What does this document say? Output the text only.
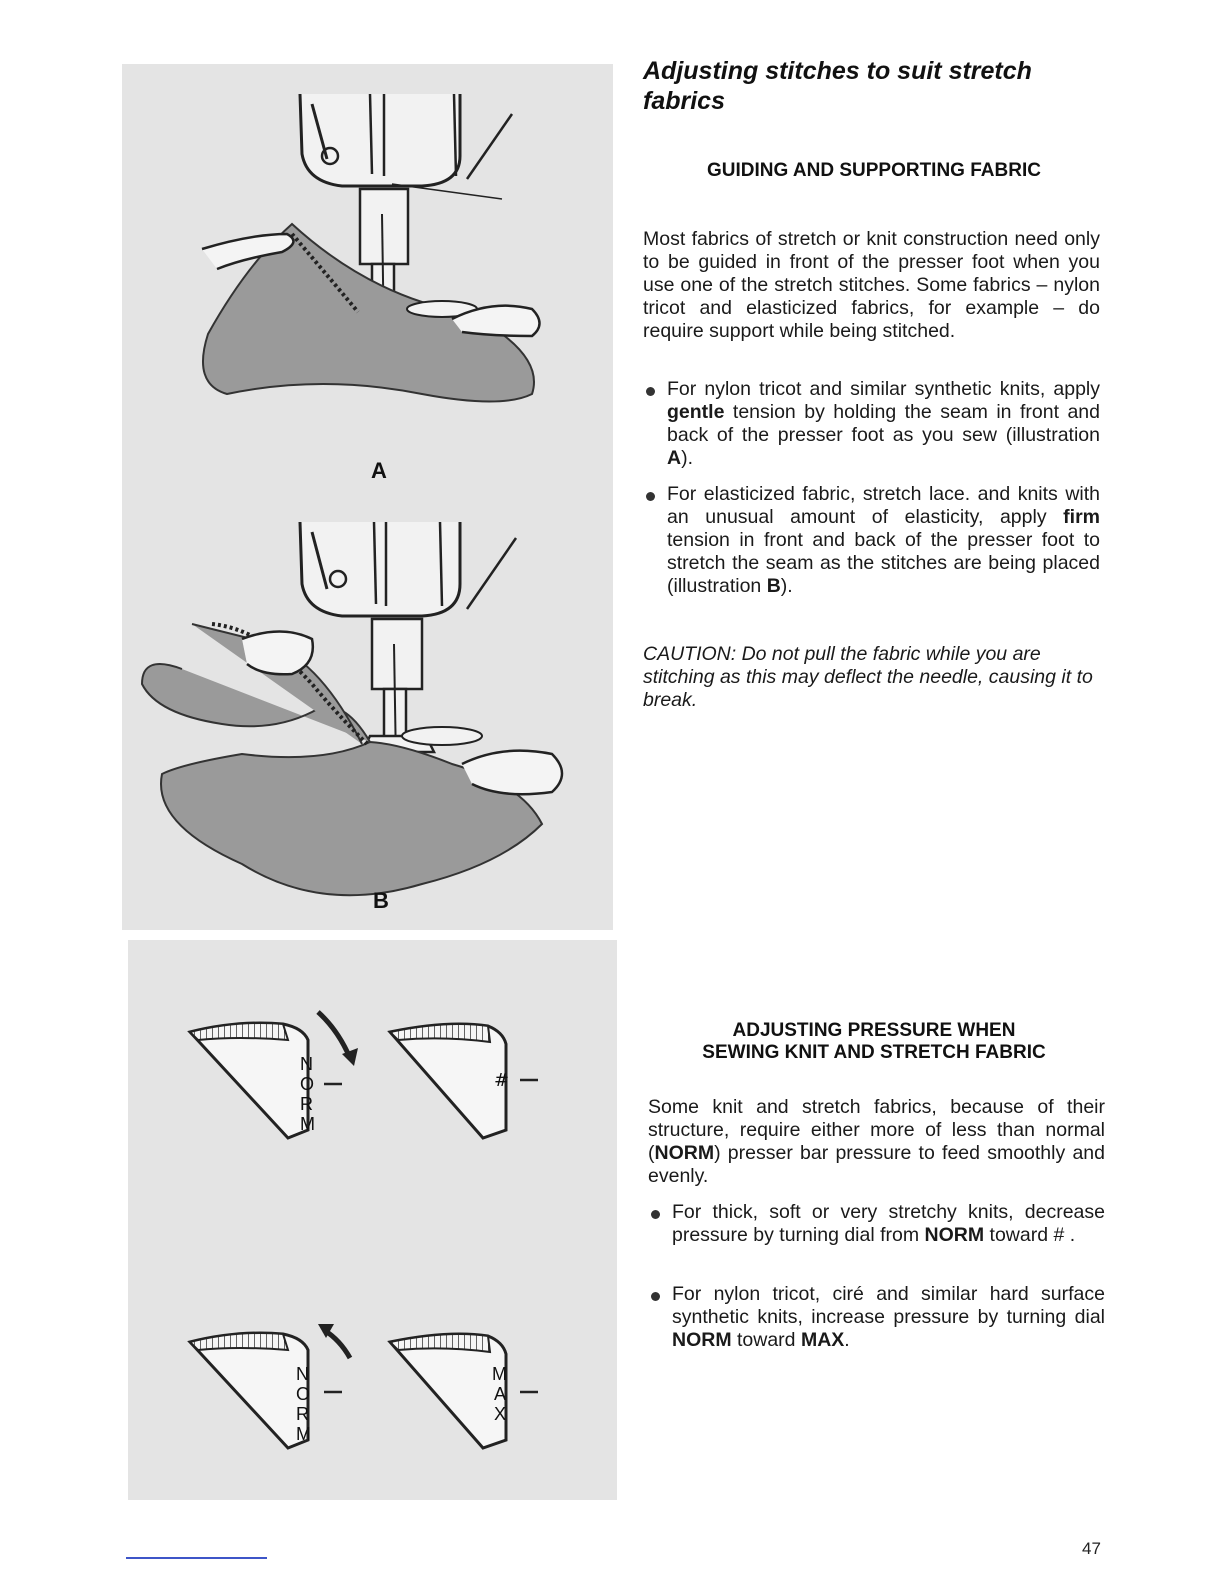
A
B
N
O
R
M
#
N
O
R
M
M
A
X
Adjusting stitches to suit stretch fabrics
GUIDING AND SUPPORTING FABRIC

Most fabrics of stretch or knit construction need only to be guided in front of the presser foot when you use one of the stretch stitches. Some fabrics – nylon tricot and elasticized fabrics, for example – do require support while being stitched.

For nylon tricot and similar synthetic knits, apply gentle tension by holding the seam in front and back of the presser foot as you sew (illustration A).
For elasticized fabric, stretch lace. and knits with an unusual amount of elasticity, apply firm tension in front and back of the presser foot to stretch the seam as the stitches are being placed (illustration B).
CAUTION: Do not pull the fabric while you are stitching as this may deflect the needle, causing it to break.
ADJUSTING PRESSURE WHEN
SEWING KNIT AND STRETCH FABRIC

Some knit and stretch fabrics, because of their structure, require either more of less than normal (NORM) presser bar pressure to feed smoothly and evenly.

For thick, soft or very stretchy knits, decrease pressure by turning dial from NORM toward # .
For nylon tricot, ciré and similar hard surface synthetic knits, increase pressure by turning dial NORM toward MAX.
47
